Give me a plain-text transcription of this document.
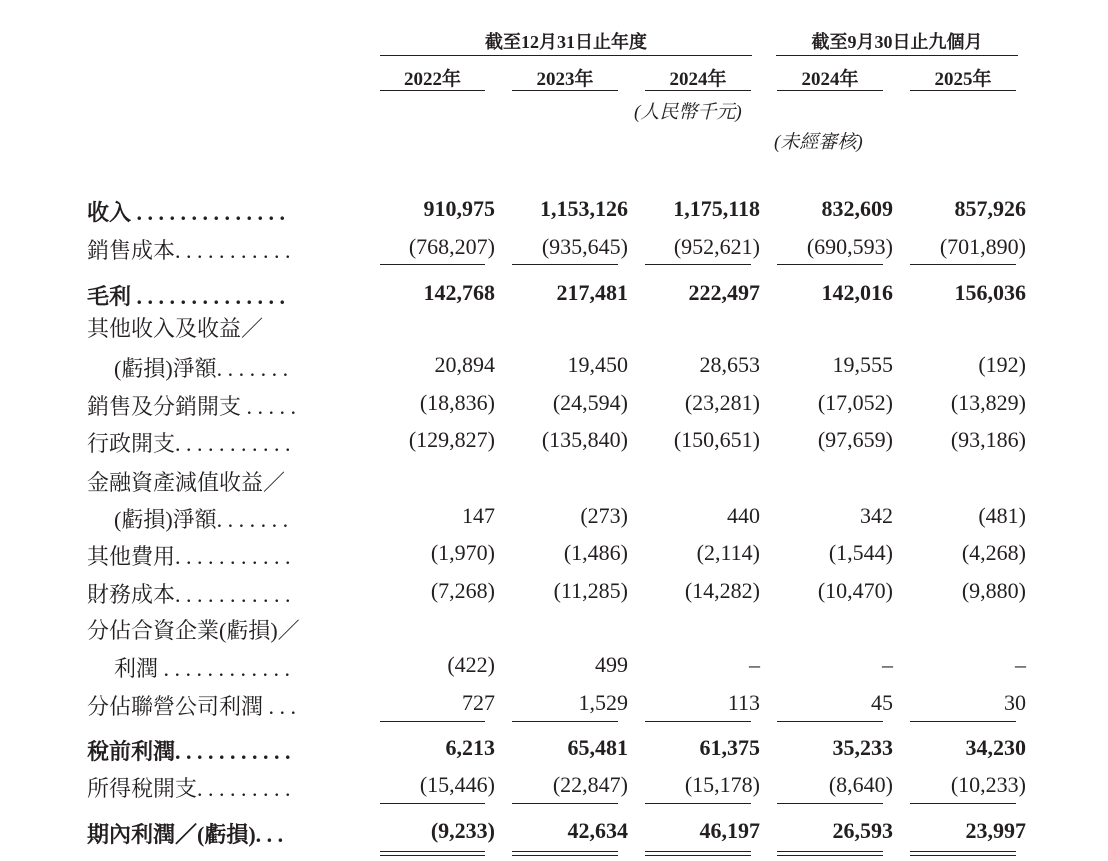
截至12月31日止年度	截至9月30日止九個月
2022年	2023年	2024年	2024年	2025年
(人民幣千元)
(未經審核)
收入 . . . . . . . . . . . . . .	910,975	1,153,126	1,175,118	832,609	857,926
銷售成本. . . . . . . . . . .	(768,207)	(935,645)	(952,621)	(690,593)	(701,890)
毛利 . . . . . . . . . . . . . .	142,768	217,481	222,497	142,016	156,036
其他收入及收益／
(虧損)淨額. . . . . . .	20,894	19,450	28,653	19,555	(192)
銷售及分銷開支 . . . . .	(18,836)	(24,594)	(23,281)	(17,052)	(13,829)
行政開支. . . . . . . . . . .	(129,827)	(135,840)	(150,651)	(97,659)	(93,186)
金融資產減值收益／
(虧損)淨額. . . . . . .	147	(273)	440	342	(481)
其他費用. . . . . . . . . . .	(1,970)	(1,486)	(2,114)	(1,544)	(4,268)
財務成本. . . . . . . . . . .	(7,268)	(11,285)	(14,282)	(10,470)	(9,880)
分佔合資企業(虧損)／
利潤 . . . . . . . . . . . .	(422)	499	–	–	–
分佔聯營公司利潤 . . .	727	1,529	113	45	30
稅前利潤. . . . . . . . . . .	6,213	65,481	61,375	35,233	34,230
所得稅開支. . . . . . . . .	(15,446)	(22,847)	(15,178)	(8,640)	(10,233)
期內利潤／(虧損). . .	(9,233)	42,634	46,197	26,593	23,997
